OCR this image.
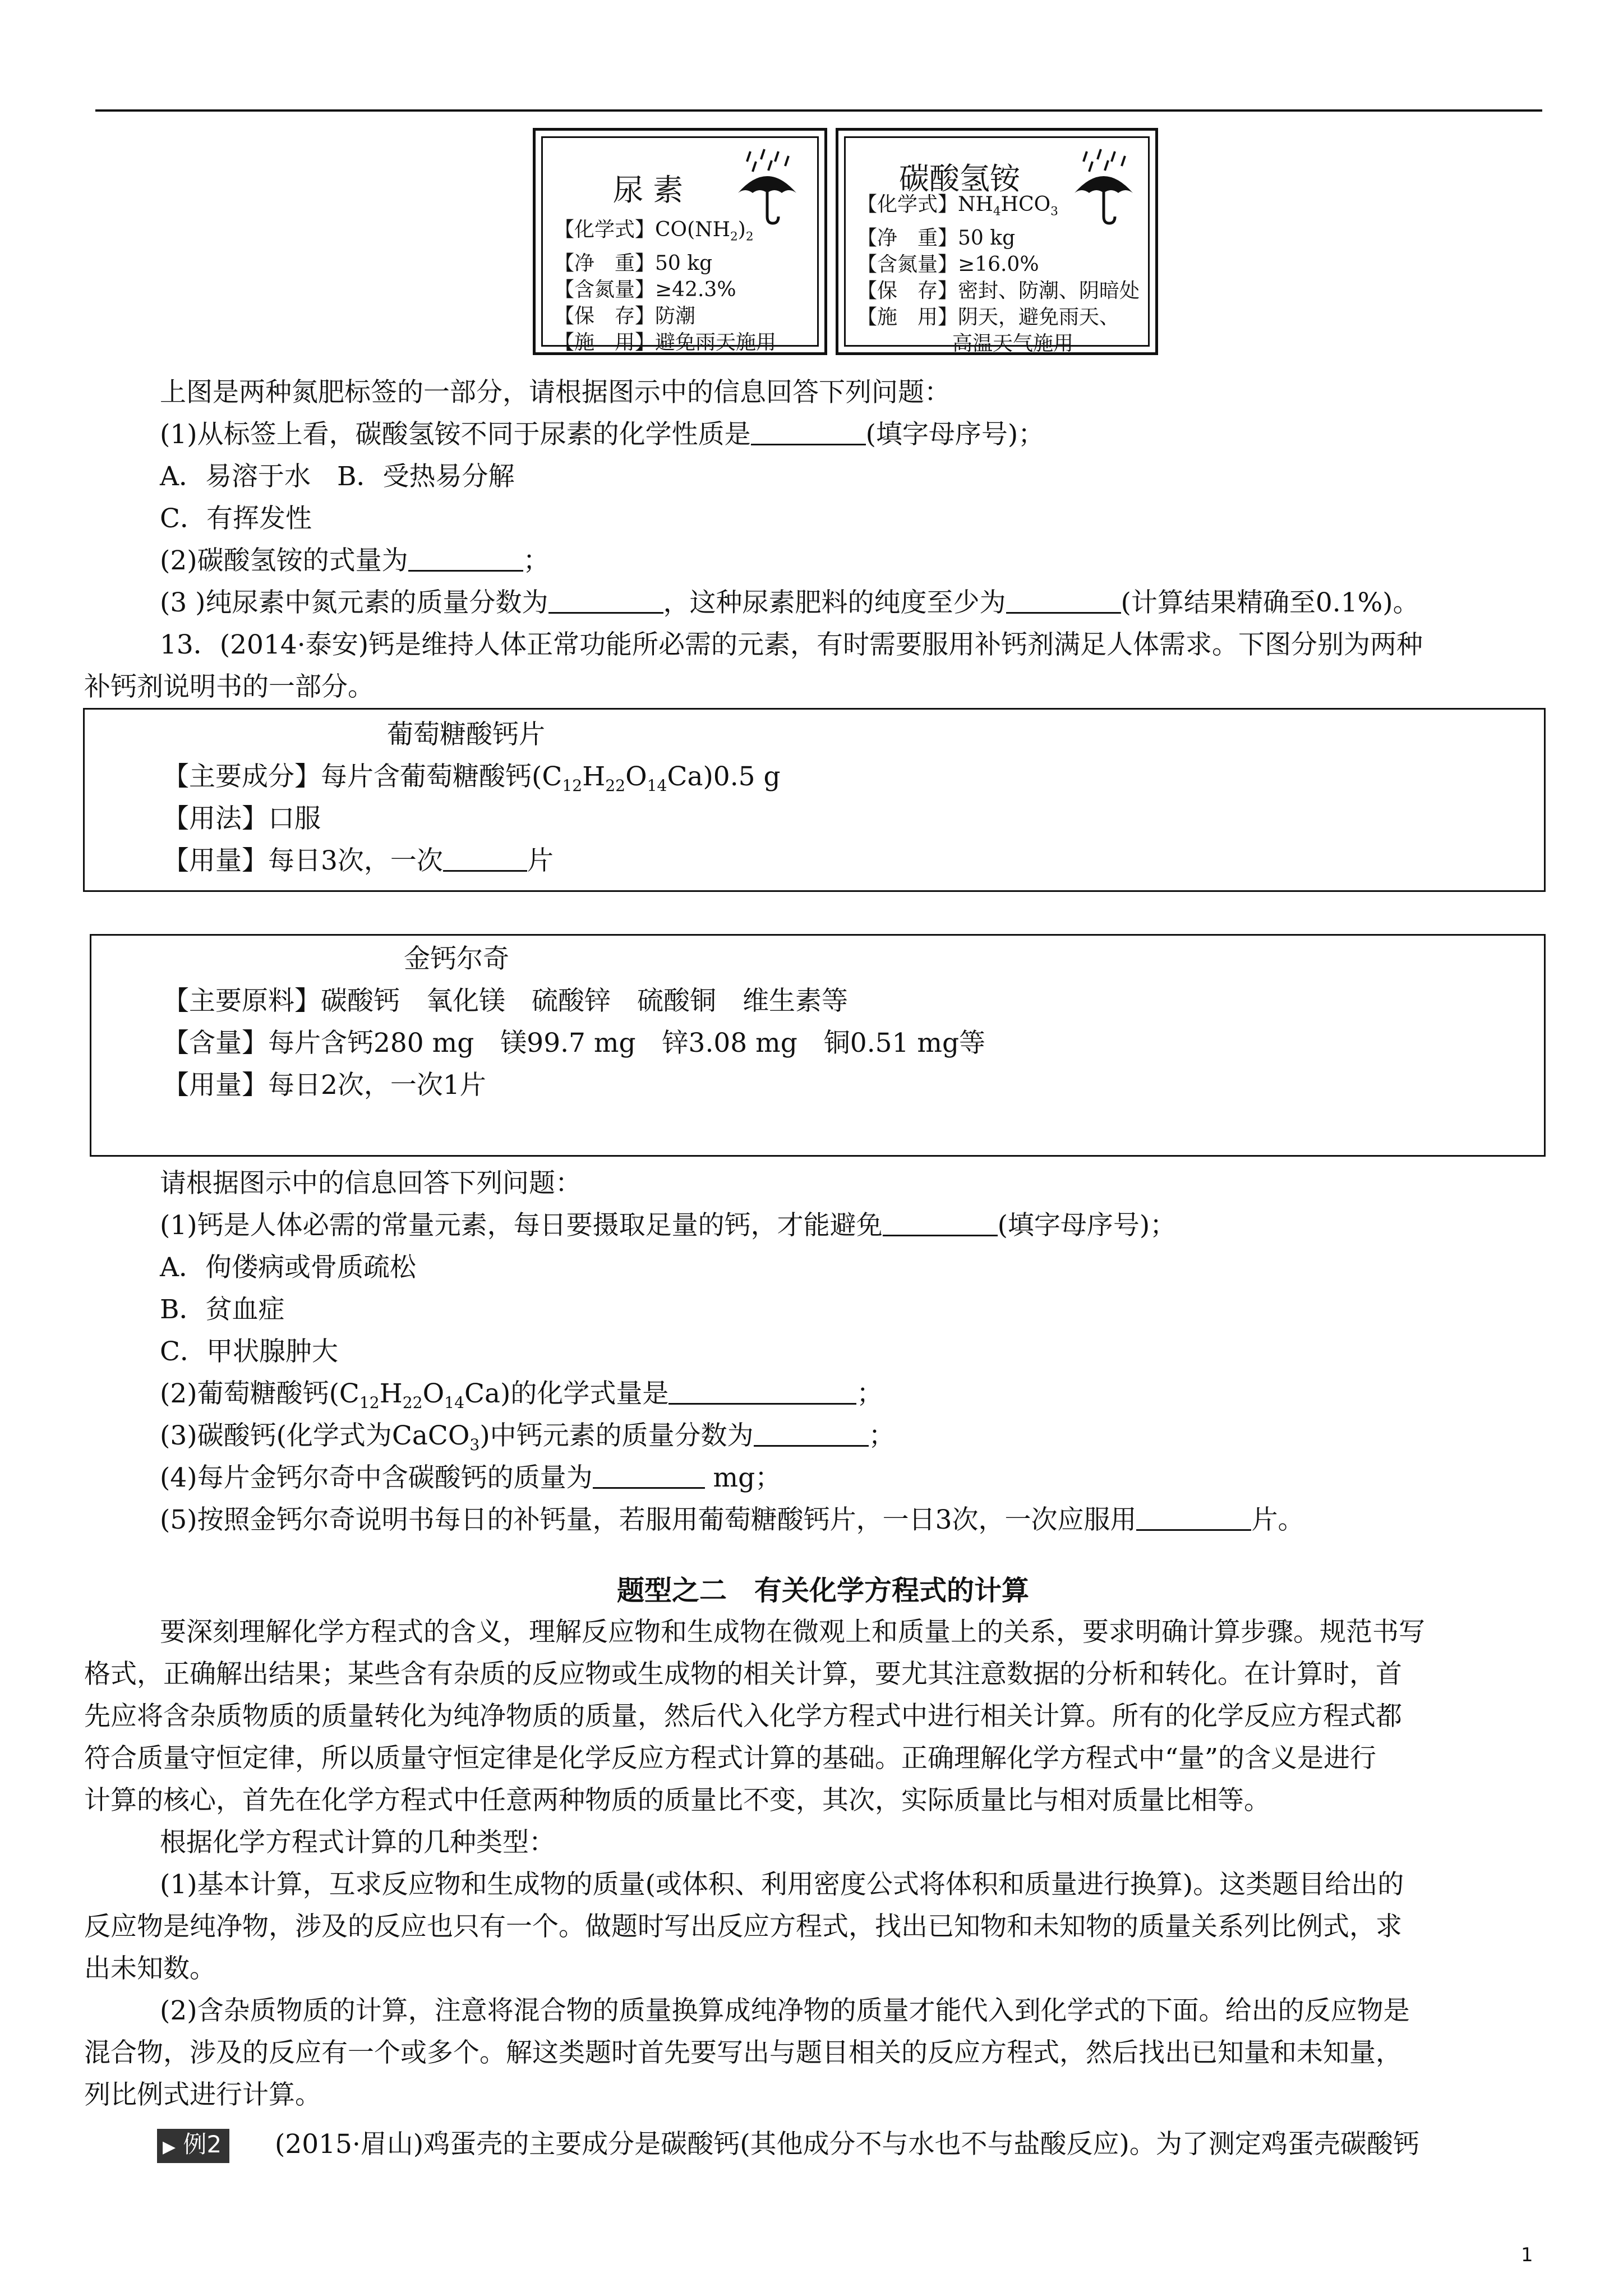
尿 素
【化学式】$CO(NH_2)_2$
【净　重】50 kg
【含氮量】≥42.3%
【保　存】防潮
【施　用】避免雨天施用
碳酸氢铵
【化学式】$NH_4HCO_3$
【净　重】50 kg
【含氮量】≥16.0%
【保　存】密封、防潮、阴暗处
【施　用】阴天，避免雨天、
高温天气施用
上图是两种氮肥标签的一部分，请根据图示中的信息回答下列问题：
(1)从标签上看，碳酸氢铵不同于尿素的化学性质是	(填字母序号)；
A．易溶于水　B．受热易分解
C．有挥发性
(2)碳酸氢铵的式量为	；
(3 )纯尿素中氮元素的质量分数为	，这种尿素肥料的纯度至少为	(计算结果精确至0.1%)。
13．(2014·泰安)钙是维持人体正常功能所必需的元素，有时需要服用补钙剂满足人体需求。下图分别为两种
补钙剂说明书的一部分。
葡萄糖酸钙片
【主要成分】每片含葡萄糖酸钙$(C_{12}H_{22}O_{14}Ca)0.5$ g
【用法】口服
【用量】每日3次，一次	片
金钙尔奇
【主要原料】碳酸钙　氧化镁　硫酸锌　硫酸铜　维生素等
【含量】每片含钙280 mg　镁99.7 mg　锌3.08 mg　铜0.51 mg等
【用量】每日2次，一次1片
请根据图示中的信息回答下列问题：
(1)钙是人体必需的常量元素，每日要摄取足量的钙，才能避免	(填字母序号)；
A．佝偻病或骨质疏松
B．贫血症
C．甲状腺肿大
(2)葡萄糖酸钙$(C_{12}H_{22}O_{14}Ca)$的化学式量是	；
(3)碳酸钙(化学式为CaCO$_3$)中钙元素的质量分数为	；
(4)每片金钙尔奇中含碳酸钙的质量为	mg；
(5)按照金钙尔奇说明书每日的补钙量，若服用葡萄糖酸钙片，一日3次，一次应服用	片。
题型之二　有关化学方程式的计算
要深刻理解化学方程式的含义，理解反应物和生成物在微观上和质量上的关系，要求明确计算步骤。规范书写
格式，正确解出结果；某些含有杂质的反应物或生成物的相关计算，要尤其注意数据的分析和转化。在计算时，首
先应将含杂质物质的质量转化为纯净物质的质量，然后代入化学方程式中进行相关计算。所有的化学反应方程式都
符合质量守恒定律，所以质量守恒定律是化学反应方程式计算的基础。正确理解化学方程式中“量”的含义是进行
计算的核心，首先在化学方程式中任意两种物质的质量比不变，其次，实际质量比与相对质量比相等。
根据化学方程式计算的几种类型：
(1)基本计算，互求反应物和生成物的质量(或体积、利用密度公式将体积和质量进行换算)。这类题目给出的
反应物是纯净物，涉及的反应也只有一个。做题时写出反应方程式，找出已知物和未知物的质量关系列比例式，求
出未知数。
(2)含杂质物质的计算，注意将混合物的质量换算成纯净物的质量才能代入到化学式的下面。给出的反应物是
混合物，涉及的反应有一个或多个。解这类题时首先要写出与题目相关的反应方程式，然后找出已知量和未知量，
列比例式进行计算。
▶ 例2 (2015·眉山)鸡蛋壳的主要成分是碳酸钙(其他成分不与水也不与盐酸反应)。为了测定鸡蛋壳碳酸钙
1
